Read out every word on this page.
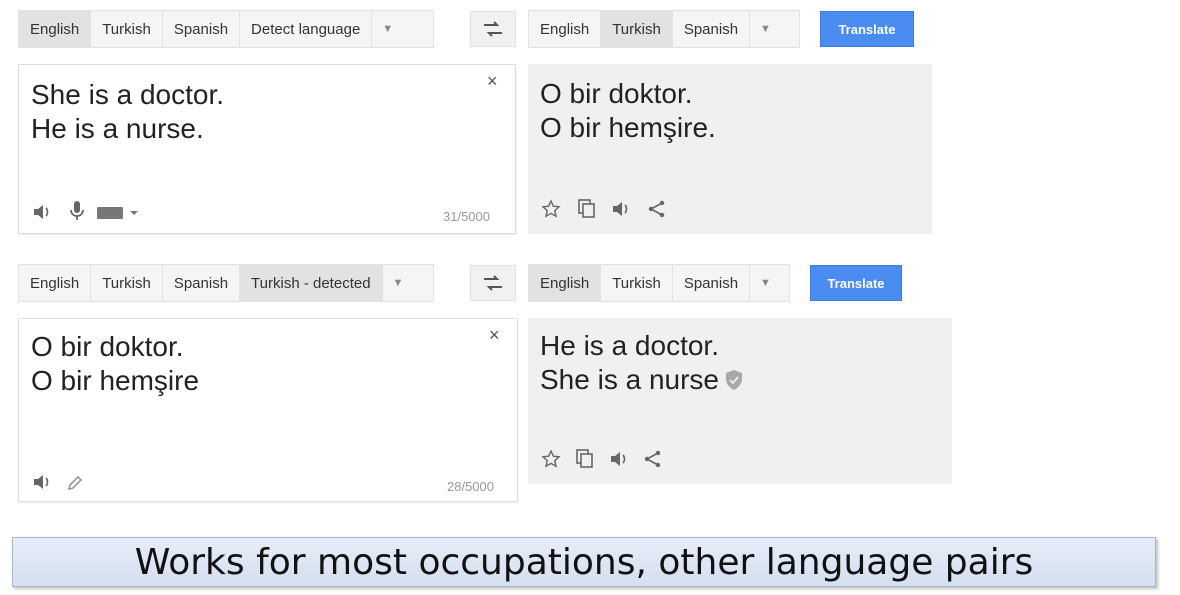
English	Turkish	Spanish	Detect language	▼	English	Turkish	Spanish	▼	Translate
She is a doctor.
He is a nurse.
×
31/5000
O bir doktor.
O bir hemşire.
English	Turkish	Spanish	Turkish - detected	▼	English	Turkish	Spanish	▼	Translate
O bir doktor.
O bir hemşire
×
28/5000
He is a doctor.
She is a nurse
Works for most occupations, other language pairs
